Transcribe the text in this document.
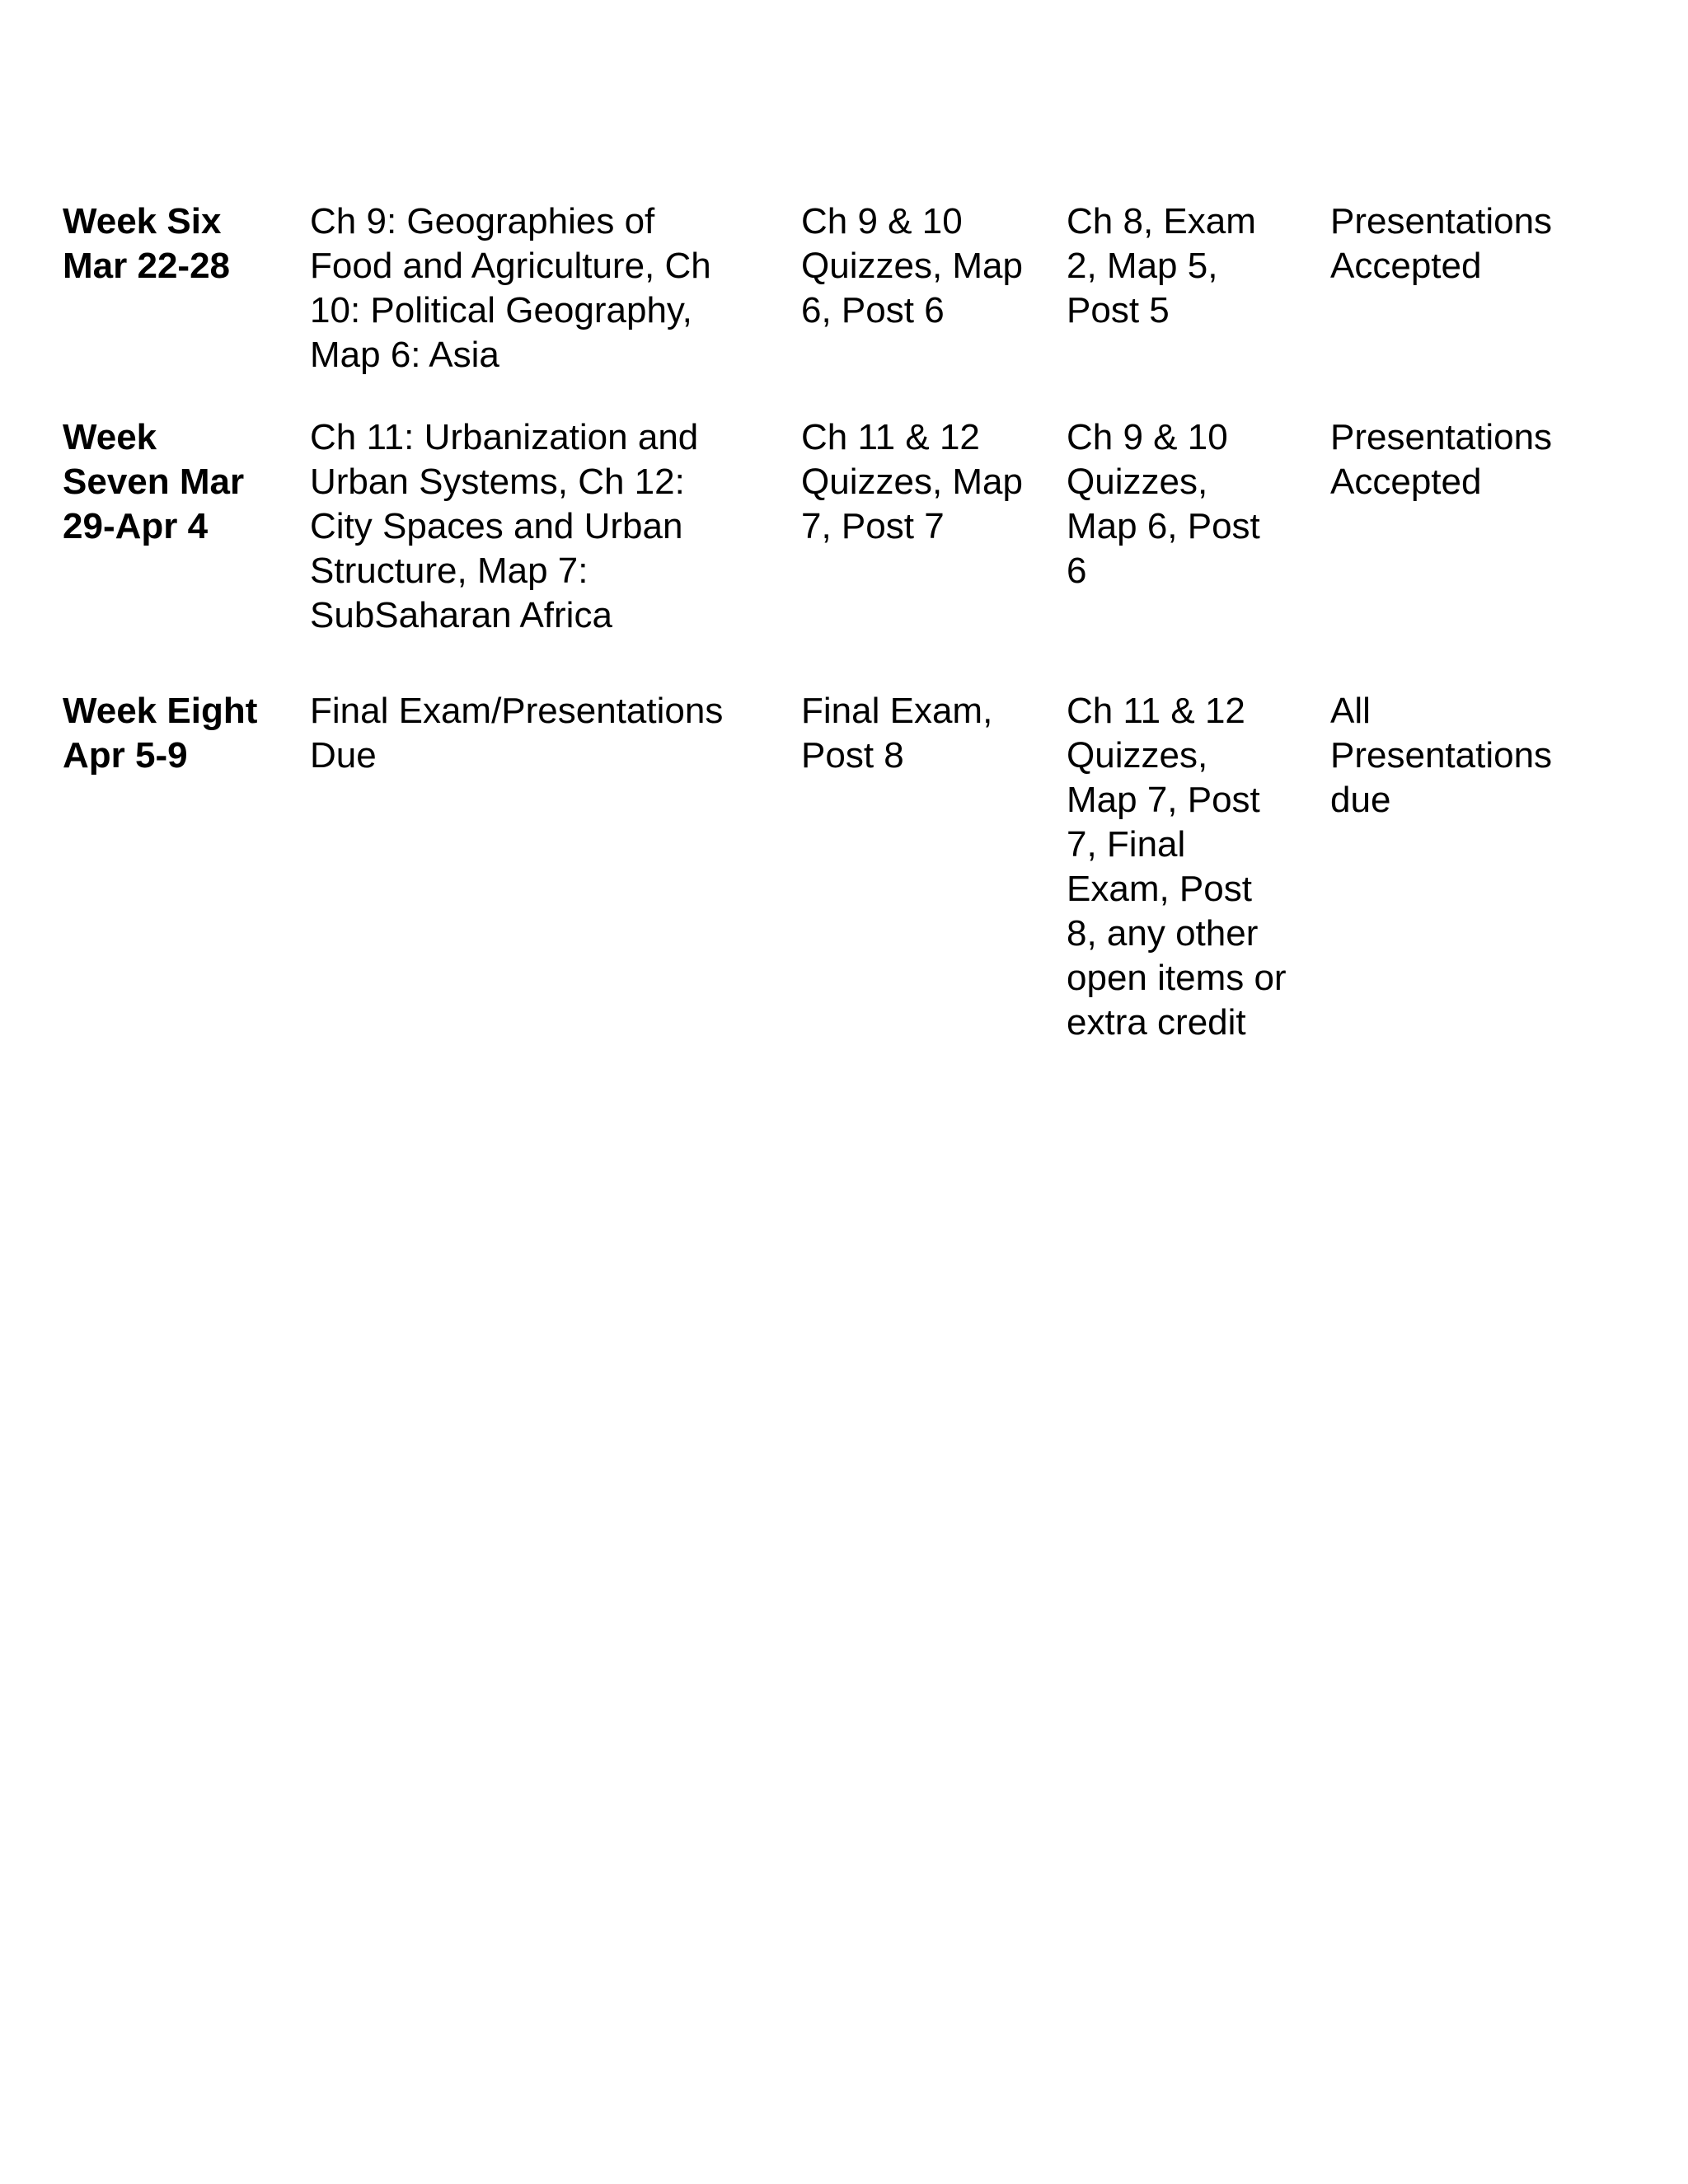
Week Six
Mar 22-28
Ch 9: Geographies of
Food and Agriculture, Ch
10: Political Geography,
Map 6: Asia
Ch 9 & 10
Quizzes, Map
6, Post 6
Ch 8, Exam
2, Map 5,
Post 5
Presentations
Accepted
Week
Seven Mar
29-Apr 4
Ch 11: Urbanization and
Urban Systems, Ch 12:
City Spaces and Urban
Structure, Map 7:
SubSaharan Africa
Ch 11 & 12
Quizzes, Map
7, Post 7
Ch 9 & 10
Quizzes,
Map 6, Post
6
Presentations
Accepted
Week Eight
Apr 5-9
Final Exam/Presentations
Due
Final Exam,
Post 8
Ch 11 & 12
Quizzes,
Map 7, Post
7, Final
Exam, Post
8, any other
open items or
extra credit
All
Presentations
due
